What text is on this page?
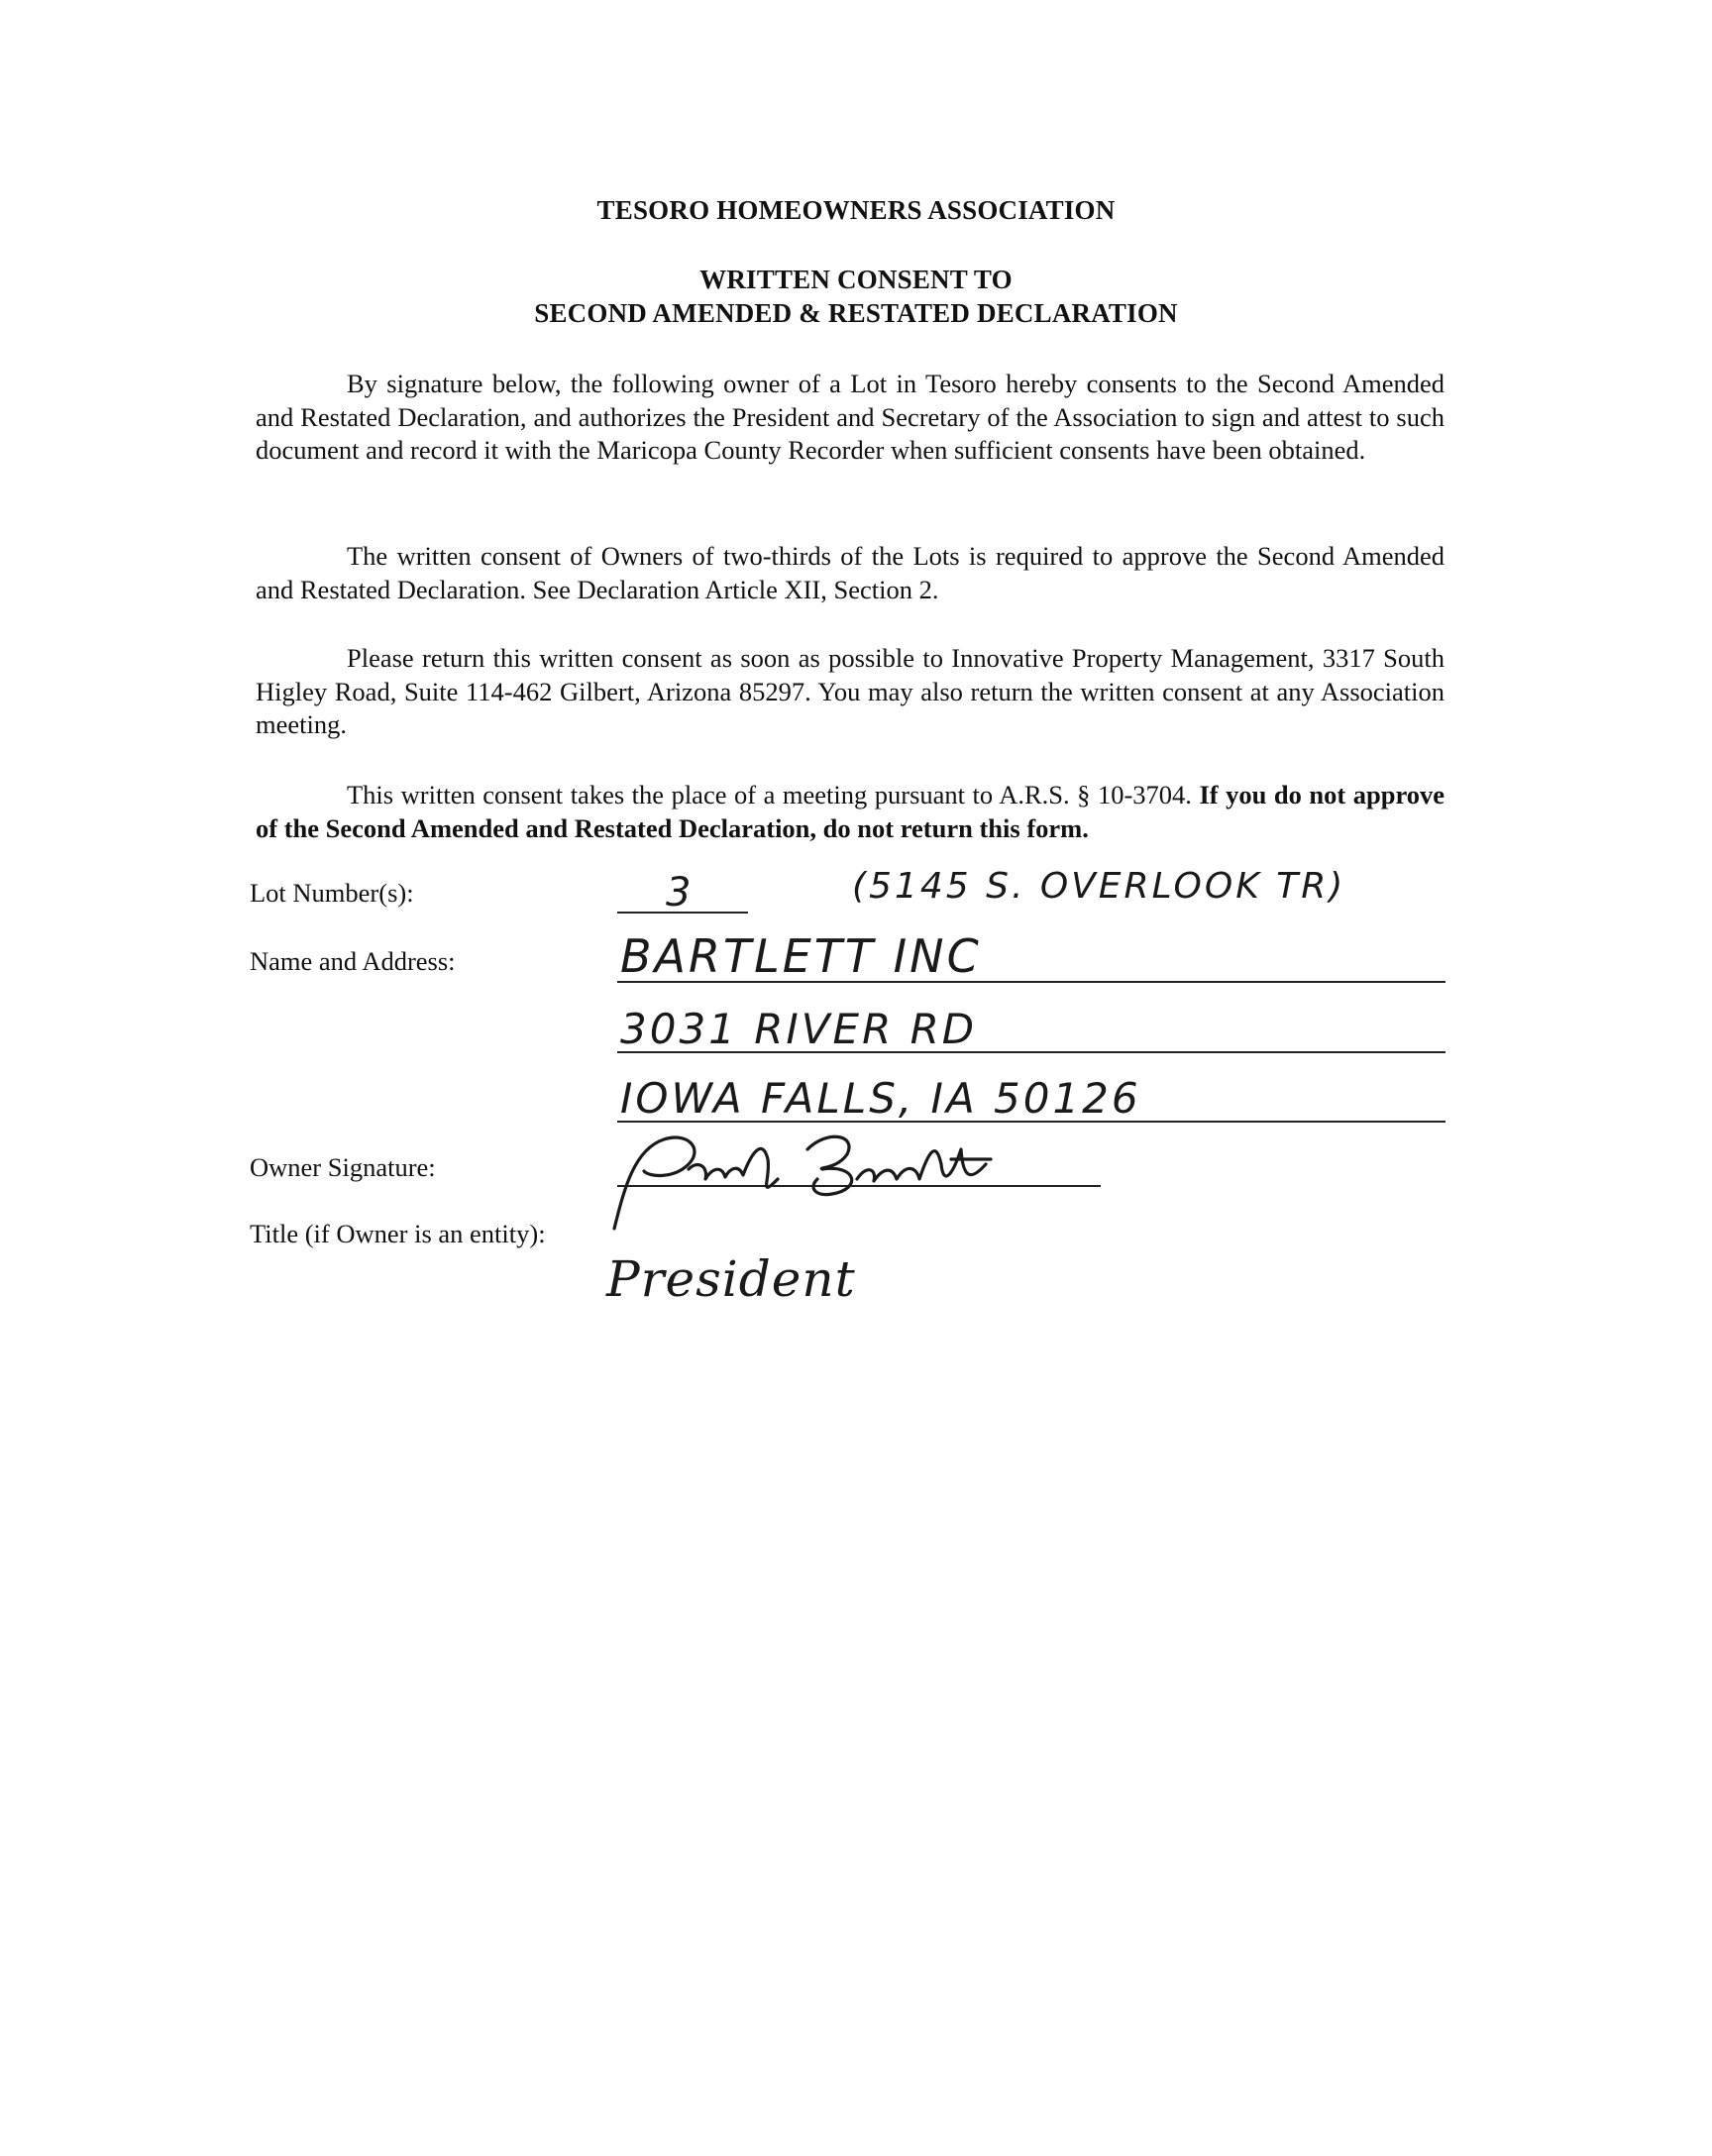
TESORO HOMEOWNERS ASSOCIATION
WRITTEN CONSENT TO
SECOND AMENDED & RESTATED DECLARATION

By signature below, the following owner of a Lot in Tesoro hereby consents to the Second Amended and Restated Declaration, and authorizes the President and Secretary of the Association to sign and attest to such document and record it with the Maricopa County Recorder when sufficient consents have been obtained.

The written consent of Owners of two-thirds of the Lots is required to approve the Second Amended and Restated Declaration. See Declaration Article XII, Section 2.

Please return this written consent as soon as possible to Innovative Property Management, 3317 South Higley Road, Suite 114-462 Gilbert, Arizona 85297. You may also return the written consent at any Association meeting.

This written consent takes the place of a meeting pursuant to A.R.S. § 10-3704. If you do not approve of the Second Amended and Restated Declaration, do not return this form.

Lot Number(s):
Name and Address:
Owner Signature:
Title (if Owner is an entity):
3	(5145 S. OVERLOOK TR)
BARTLETT INC
3031 RIVER RD
IOWA FALLS, IA 50126
President
